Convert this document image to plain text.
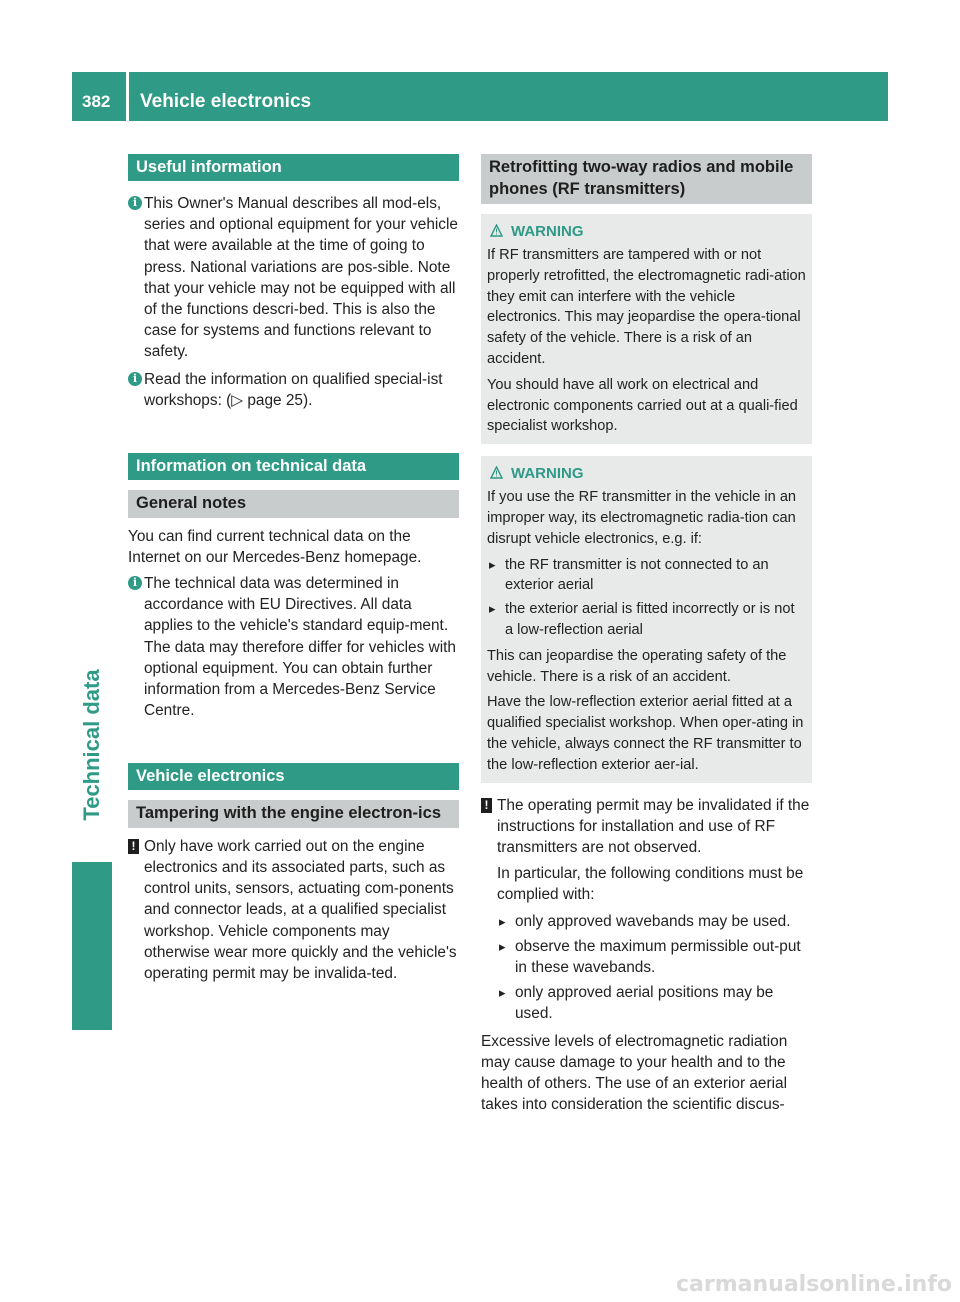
382 Vehicle electronics
Technical data
Useful information
i This Owner's Manual describes all mod-els, series and optional equipment for your vehicle that were available at the time of going to press. National variations are pos-sible. Note that your vehicle may not be equipped with all of the functions descri-bed. This is also the case for systems and functions relevant to safety.
i Read the information on qualified special-ist workshops: (▷ page 25).
Information on technical data
General notes

You can find current technical data on the Internet on our Mercedes-Benz homepage.

i The technical data was determined in accordance with EU Directives. All data applies to the vehicle's standard equip-ment. The data may therefore differ for vehicles with optional equipment. You can obtain further information from a Mercedes-Benz Service Centre.
Vehicle electronics
Tampering with the engine electron-ics
! Only have work carried out on the engine electronics and its associated parts, such as control units, sensors, actuating com-ponents and connector leads, at a qualified specialist workshop. Vehicle components may otherwise wear more quickly and the vehicle's operating permit may be invalida-ted.
Retrofitting two-way radios and mobile phones (RF transmitters)
WARNING

If RF transmitters are tampered with or not properly retrofitted, the electromagnetic radi-ation they emit can interfere with the vehicle electronics. This may jeopardise the opera-tional safety of the vehicle. There is a risk of an accident.

You should have all work on electrical and electronic components carried out at a quali-fied specialist workshop.

WARNING

If you use the RF transmitter in the vehicle in an improper way, its electromagnetic radia-tion can disrupt vehicle electronics, e.g. if:

▸ the RF transmitter is not connected to an exterior aerial
▸ the exterior aerial is fitted incorrectly or is not a low-reflection aerial

This can jeopardise the operating safety of the vehicle. There is a risk of an accident.

Have the low-reflection exterior aerial fitted at a qualified specialist workshop. When oper-ating in the vehicle, always connect the RF transmitter to the low-reflection exterior aer-ial.

! The operating permit may be invalidated if the instructions for installation and use of RF transmitters are not observed.

In particular, the following conditions must be complied with:

▸ only approved wavebands may be used.
▸ observe the maximum permissible out-put in these wavebands.
▸ only approved aerial positions may be used.

Excessive levels of electromagnetic radiation may cause damage to your health and to the health of others. The use of an exterior aerial takes into consideration the scientific discus-

carmanualsonline.info
